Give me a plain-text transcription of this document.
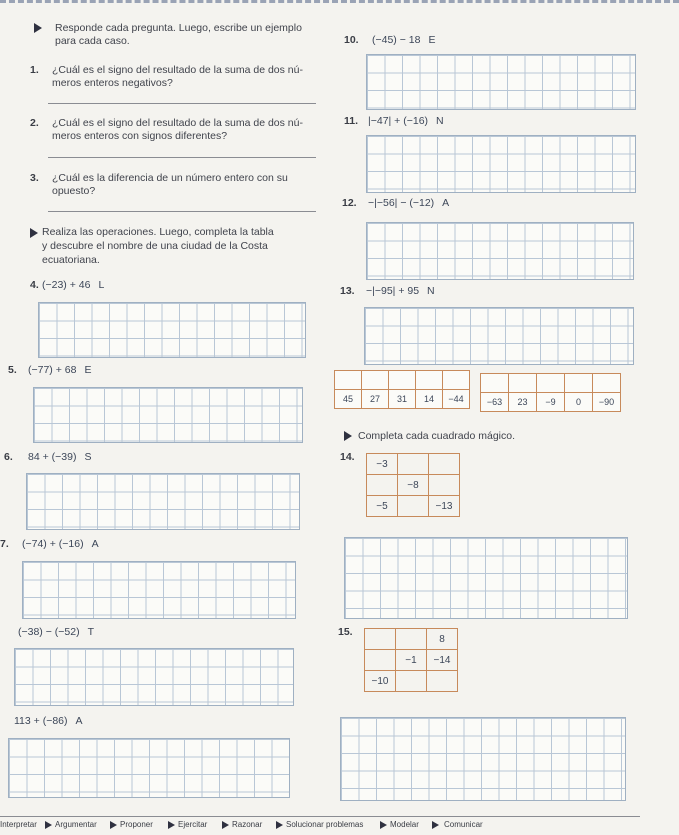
Responde cada pregunta. Luego, escribe un ejemplo
para cada caso.
1. ¿Cuál es el signo del resultado de la suma de dos nú-
meros enteros negativos?
2. ¿Cuál es el signo del resultado de la suma de dos nú-
meros enteros con signos diferentes?
3. ¿Cuál es la diferencia de un número entero con su
opuesto?
Realiza las operaciones. Luego, completa la tabla
y descubre el nombre de una ciudad de la Costa
ecuatoriana.
4. (−23) + 46 L
5. (−77) + 68 E
6. 84 + (−39) S
7. (−74) + (−16) A
(−38) − (−52) T
113 + (−86) A
10. (−45) − 18 E
11. |−47| + (−16) N
12. −|−56| − (−12) A
13. −|−95| + 95 N

45	27	31	14	−44
					−63	23	−9	0	−90
Completa cada cuadrado mágico.
14.
−3		
	−8	
−5		−13
15.
		8
	−1	−14
−10		
Interpretar Argumentar	Proponer	Ejercitar	Razonar	Solucionar problemas	Modelar	Comunicar
